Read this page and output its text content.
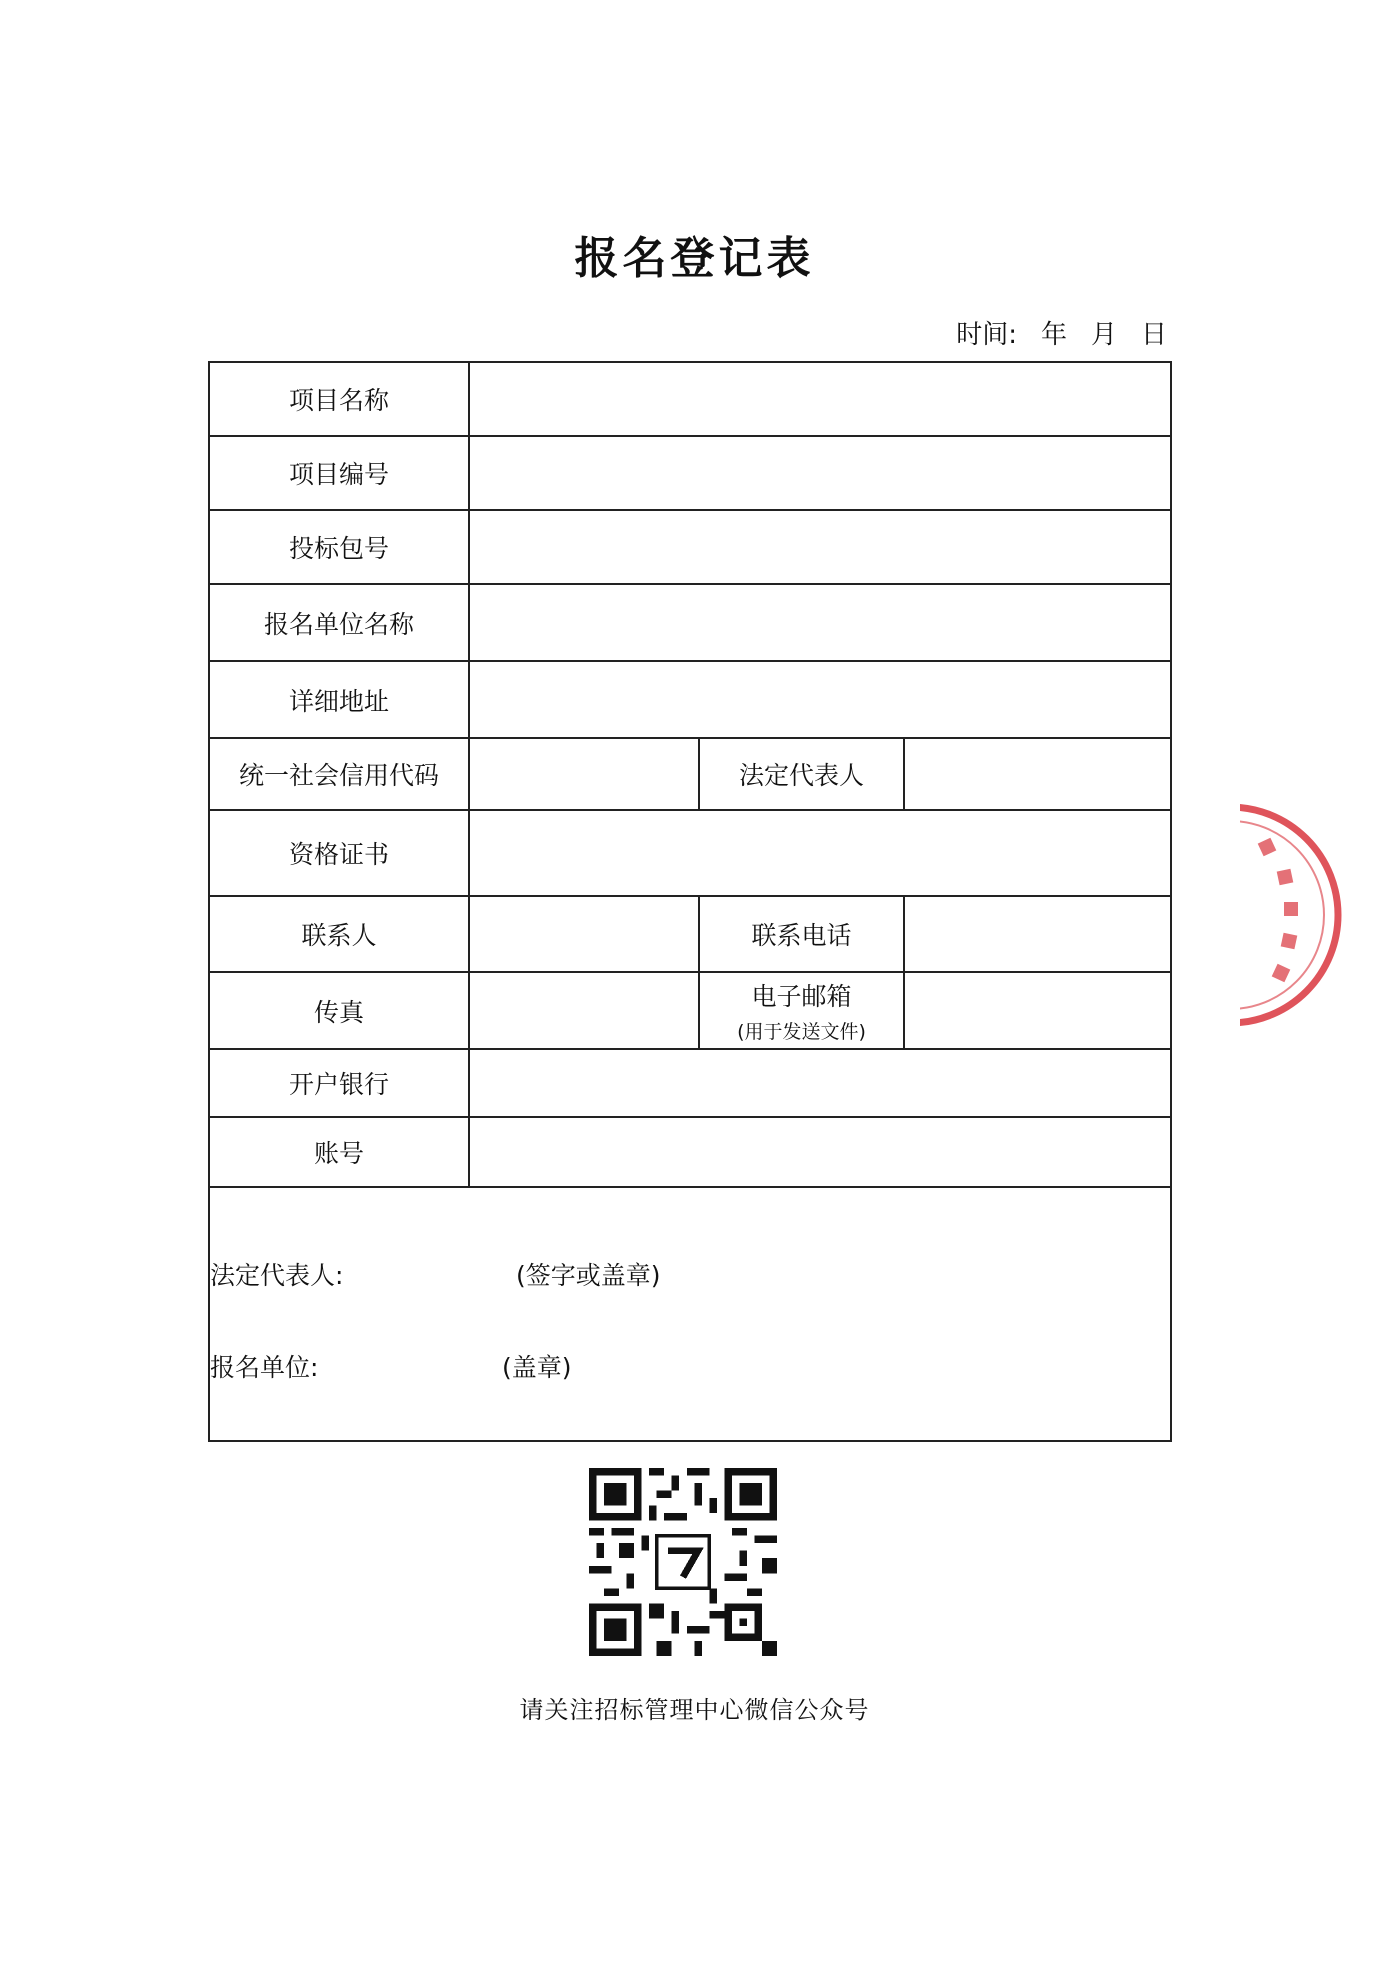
报名登记表
时间: 年 月 日
项目名称			
项目编号			
投标包号			
报名单位名称			
详细地址			
统一社会信用代码		法定代表人	
资格证书			
联系人		联系电话	
传真		电子邮箱
(用于发送文件)	

开户银行			
账号			

法定代表人: (签字或盖章)
报名单位: (盖章)			
请关注招标管理中心微信公众号
